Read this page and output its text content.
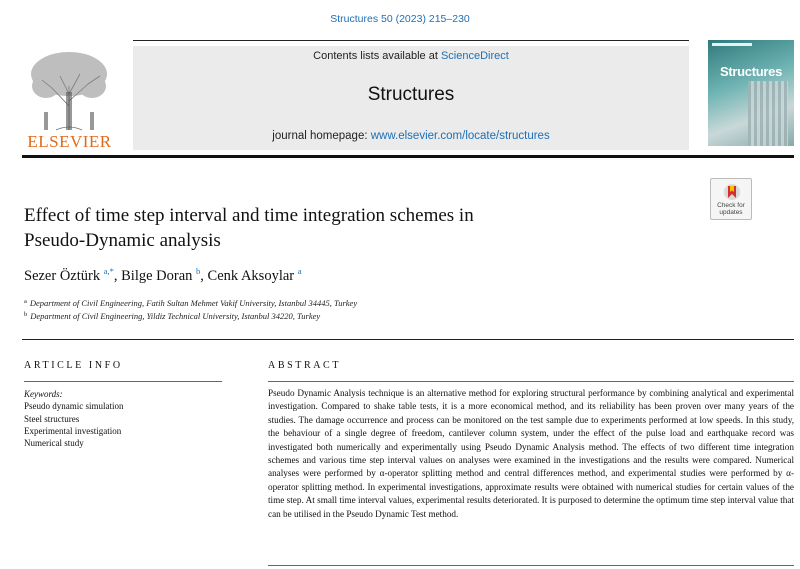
Structures 50 (2023) 215–230
ELSEVIER
Contents lists available at ScienceDirect
Structures
journal homepage: www.elsevier.com/locate/structures
Structures
Check for
updates
Effect of time step interval and time integration schemes in
Pseudo-Dynamic analysis
Sezer Öztürk $^{a,*}$, Bilge Doran $^b$, Cenk Aksoylar $^a$
$^a$ Department of Civil Engineering, Fatih Sultan Mehmet Vakif University, Istanbul 34445, Turkey
$^b$ Department of Civil Engineering, Yildiz Technical University, Istanbul 34220, Turkey
ARTICLE INFO	ABSTRACT
Keywords:
Pseudo dynamic simulation
Steel structures
Experimental investigation
Numerical study
Pseudo Dynamic Analysis technique is an alternative method for exploring structural performance by combining analytical and experimental investigation. Compared to shake table tests, it is a more economical method, and its reliability has been proven over many years of the studies. The damage occurrence and process can be monitored on the test sample due to experiments performed at low speeds. In this study, the behaviour of a single degree of freedom, cantilever column system, under the effect of the pulse load and earthquake record was investigated both numerically and experimentally using Pseudo Dynamic Analysis method. The effects of two different time integration schemes and various time step interval values on analyses were examined in the investigations and the results were compared. Numerical analyses were performed by α-operator splitting method and central differences method, and experimental studies were performed by α-operator splitting method. In experimental investigations, approximate results were obtained with numerical studies for certain values of the time step. At small time interval values, experimental results deteriorated. It is purposed to determine the optimum time step interval value that can be utilised in the Pseudo Dynamic Test method.
